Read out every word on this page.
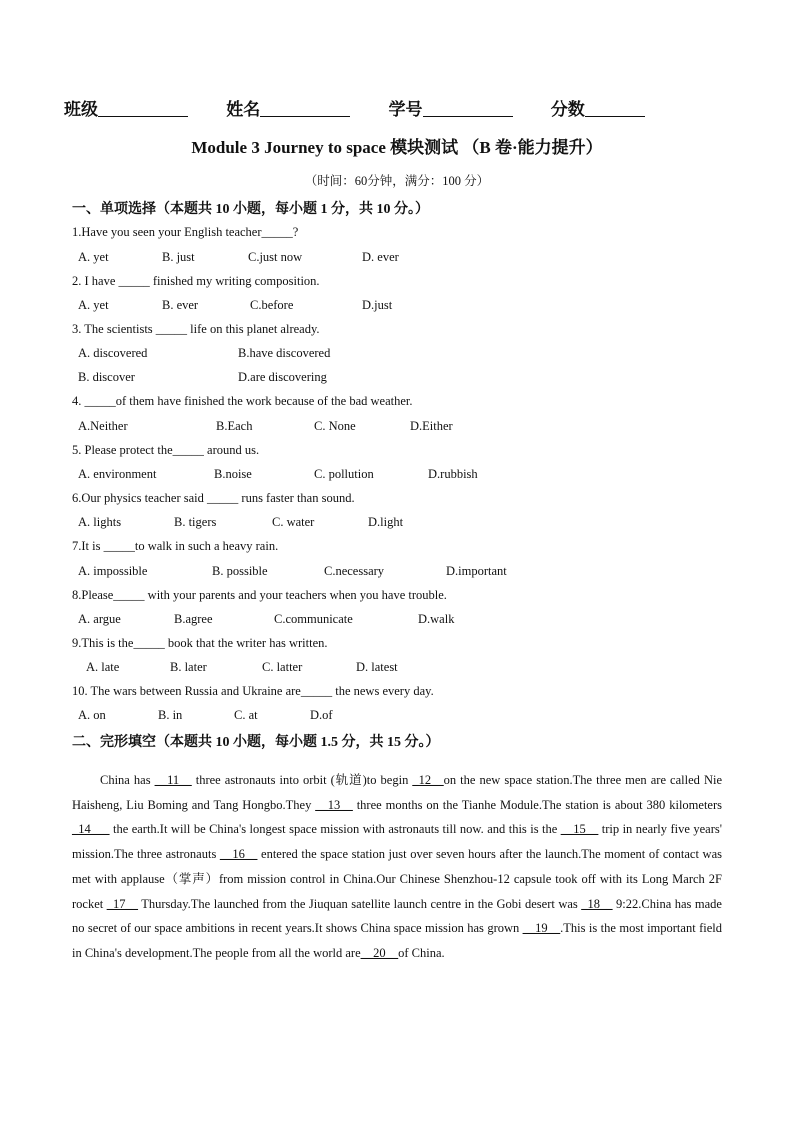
班级	姓名	学号	分数
Module 3 Journey to space 模块测试 （B 卷·能力提升）
（时间：60分钟，满分：100 分）
一、单项选择（本题共 10 小题，每小题 1 分，共 10 分。）
1.Have you seen your English teacher_____?
A. yet	B. just	C.just now	D. ever
2. I have _____ finished my writing composition.
A. yet	B. ever	C.before	D.just
3. The scientists _____ life on this planet already.
A. discovered	B.have discovered
B. discover	D.are discovering
4. _____of them have finished the work because of the bad weather.
A.Neither	B.Each	C. None	D.Either
5. Please protect the_____ around us.
A. environment	B.noise	C. pollution	D.rubbish
6.Our physics teacher said _____ runs faster than sound.
A. lights	B. tigers	C. water	D.light
7.It is _____to walk in such a heavy rain.
A. impossible	B. possible	C.necessary	D.important
8.Please_____ with your parents and your teachers when you have trouble.
A. argue	B.agree	C.communicate	D.walk
9.This is the_____ book that the writer has written.
A. late	B. later	C. latter	D. latest
10. The wars between Russia and Ukraine are_____ the news every day.
A. on	B. in	C. at	D.of
二、完形填空（本题共 10 小题，每小题 1.5 分，共 15 分。）

China has __11__ three astronauts into orbit (轨道)to begin _12__on the new space station.The three men are called Nie Haisheng, Liu Boming and Tang Hongbo.They __13__ three months on the Tianhe Module.The station is about 380 kilometers _14___ the earth.It will be China's longest space mission with astronauts till now. and this is the __15__ trip in nearly five years' mission.The three astronauts __16__ entered the space station just over seven hours after the launch.The moment of contact was met with applause（掌声）from mission control in China.Our Chinese Shenzhou-12 capsule took off with its Long March 2F rocket _17__ Thursday.The launched from the Jiuquan satellite launch centre in the Gobi desert was _18__ 9:22.China has made no secret of our space ambitions in recent years.It shows China space mission has grown __19__.This is the most important field in China's development.The people from all the world are__20__of China.
